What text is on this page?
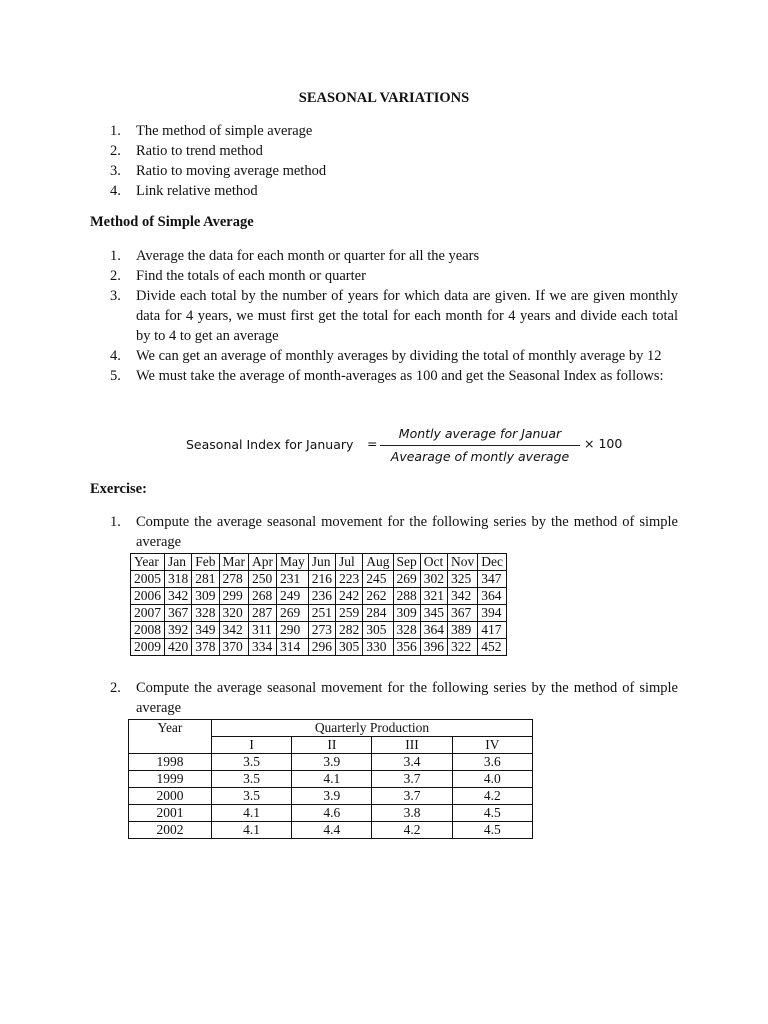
SEASONAL VARIATIONS
1. The method of simple average
2. Ratio to trend method
3. Ratio to moving average method
4. Link relative method
Method of Simple Average
1. Average the data for each month or quarter for all the years
2. Find the totals of each month or quarter
3. Divide each total by the number of years for which data are given. If we are given monthly data for 4 years, we must first get the total for each month for 4 years and divide each total by to 4 to get an average
4. We can get an average of monthly averages by dividing the total of monthly average by 12
5. We must take the average of month-averages as 100 and get the Seasonal Index as follows:
Seasonal Index for January =
Montly average for Januar
Avearage of montly average
× 100
Exercise:
1. Compute the average seasonal movement for the following series by the method of simple average
Year	Jan	Feb	Mar	Apr	May	Jun	Jul	Aug	Sep	Oct	Nov	Dec
2005	318	281	278	250	231	216	223	245	269	302	325	347
2006	342	309	299	268	249	236	242	262	288	321	342	364
2007	367	328	320	287	269	251	259	284	309	345	367	394
2008	392	349	342	311	290	273	282	305	328	364	389	417
2009	420	378	370	334	314	296	305	330	356	396	322	452
2. Compute the average seasonal movement for the following series by the method of simple average
Year	Quarterly Production			
	I	II	III	IV
1998	3.5	3.9	3.4	3.6
1999	3.5	4.1	3.7	4.0
2000	3.5	3.9	3.7	4.2
2001	4.1	4.6	3.8	4.5
2002	4.1	4.4	4.2	4.5
